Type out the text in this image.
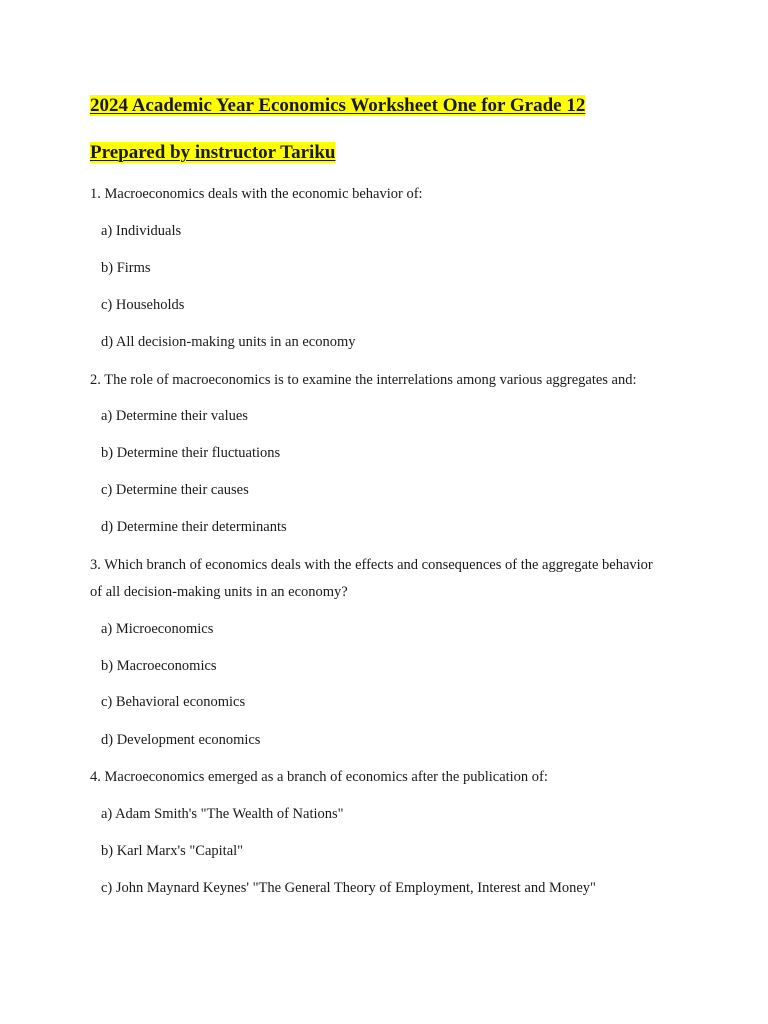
2024 Academic Year Economics Worksheet One for Grade 12
Prepared by instructor Tariku
1. Macroeconomics deals with the economic behavior of:
a) Individuals
b) Firms
c) Households
d) All decision-making units in an economy
2. The role of macroeconomics is to examine the interrelations among various aggregates and:
a) Determine their values
b) Determine their fluctuations
c) Determine their causes
d) Determine their determinants
3. Which branch of economics deals with the effects and consequences of the aggregate behavior
of all decision-making units in an economy?
a) Microeconomics
b) Macroeconomics
c) Behavioral economics
d) Development economics
4. Macroeconomics emerged as a branch of economics after the publication of:
a) Adam Smith's "The Wealth of Nations"
b) Karl Marx's "Capital"
c) John Maynard Keynes' "The General Theory of Employment, Interest and Money"
